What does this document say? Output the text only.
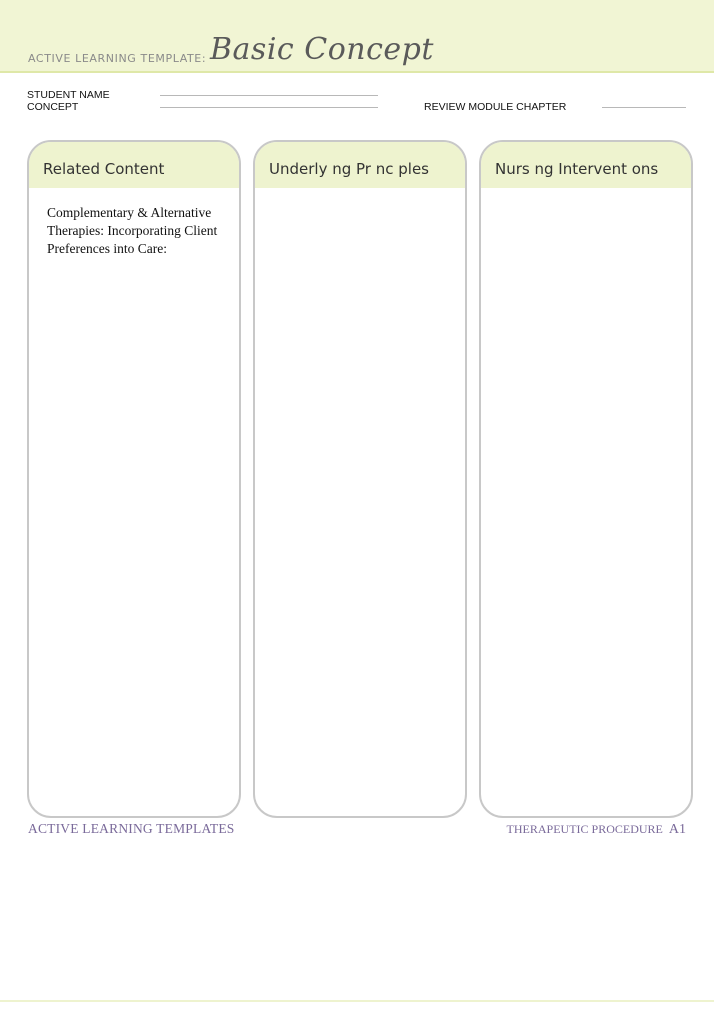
ACTIVE LEARNING TEMPLATE: Basic Concept
STUDENT NAME
CONCEPT	REVIEW MODULE CHAPTER
Related Content
Complementary & Alternative Therapies: Incorporating Client Preferences into Care:
Underly ng Pr nc ples	Nurs ng Intervent ons
ACTIVE LEARNING TEMPLATES	THERAPEUTIC PROCEDURE A1
